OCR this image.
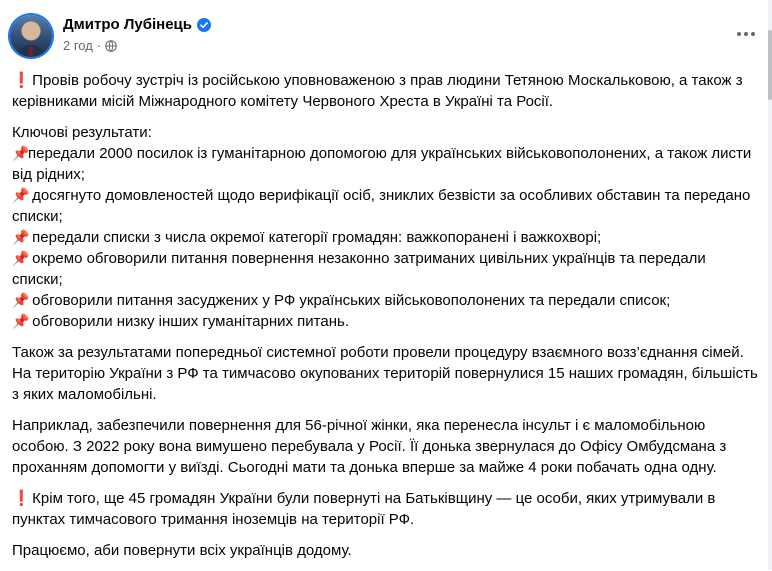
Дмитро Лубінець
2 год ·

❗ Провів робочу зустріч із російською уповноваженою з прав людини Тетяною Москальковою, а також з керівниками місій Міжнародного комітету Червоного Хреста в Україні та Росії.

Ключові результати:

📌передали 2000 посилок із гуманітарною допомогою для українських військовополонених, а також листи від рідних;

📌 досягнуто домовленостей щодо верифікації осіб, зниклих безвісти за особливих обставин та передано списки;

📌 передали списки з числа окремої категорії громадян: важкопоранені і важкохворі;

📌 окремо обговорили питання повернення незаконно затриманих цивільних українців та передали списки;

📌 обговорили питання засуджених у РФ українських військовополонених та передали список;

📌 обговорили низку інших гуманітарних питань.

Також за результатами попередньої системної роботи провели процедуру взаємного возз’єднання сімей. На територію України з РФ та тимчасово окупованих територій повернулися 15 наших громадян, більшість з яких маломобільні.

Наприклад, забезпечили повернення для 56-річної жінки, яка перенесла інсульт і є маломобільною особою. З 2022 року вона вимушено перебувала у Росії. Її донька звернулася до Офісу Омбудсмана з проханням допомогти у виїзді. Сьогодні мати та донька вперше за майже 4 роки побачать одна одну.

❗ Крім того, ще 45 громадян України були повернуті на Батьківщину — це особи, яких утримували в пунктах тимчасового тримання іноземців на території РФ.

Працюємо, аби повернути всіх українців додому.
